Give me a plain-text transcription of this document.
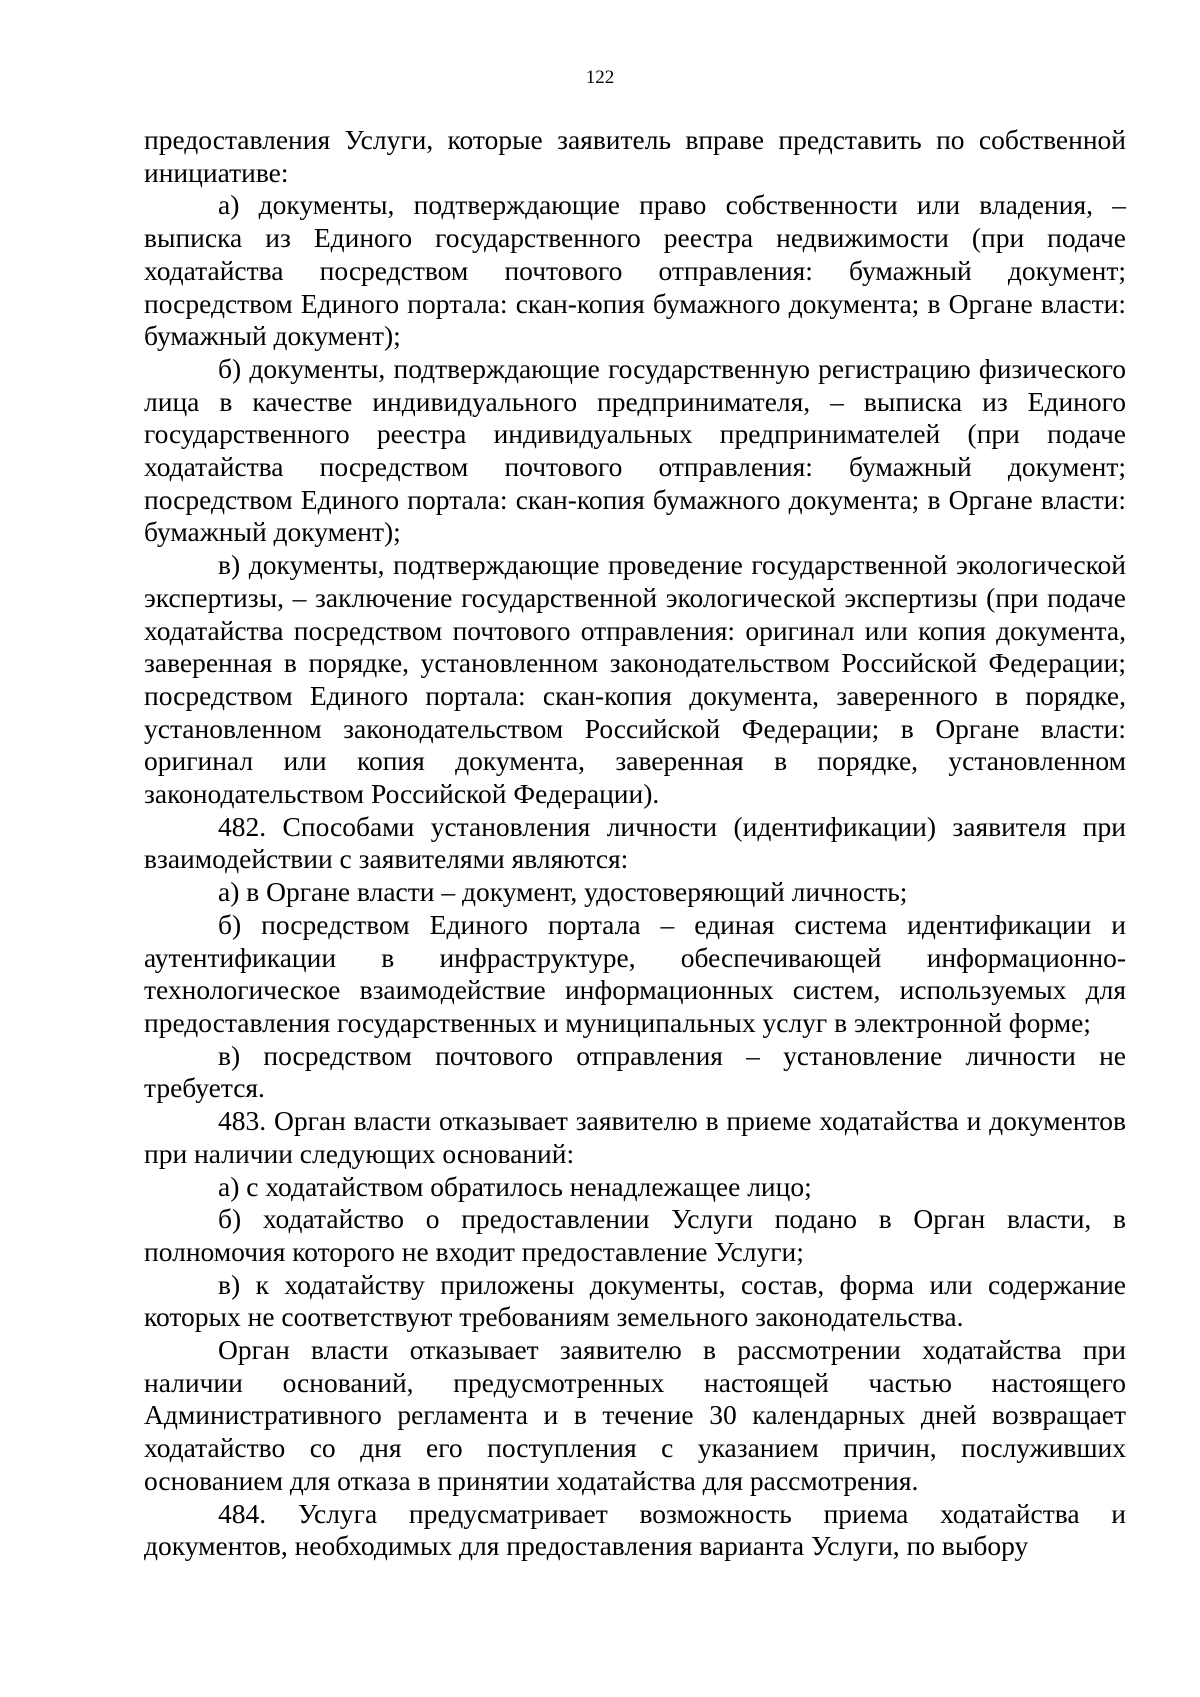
122

предоставления Услуги, которые заявитель вправе представить по собственной инициативе:

а) документы, подтверждающие право собственности или владения, – выписка из Единого государственного реестра недвижимости (при подаче ходатайства посредством почтового отправления: бумажный документ; посредством Единого портала: скан-копия бумажного документа; в Органе власти: бумажный документ);

б) документы, подтверждающие государственную регистрацию физического лица в качестве индивидуального предпринимателя, – выписка из Единого государственного реестра индивидуальных предпринимателей (при подаче ходатайства посредством почтового отправления: бумажный документ; посредством Единого портала: скан-копия бумажного документа; в Органе власти: бумажный документ);

в) документы, подтверждающие проведение государственной экологической экспертизы, – заключение государственной экологической экспертизы (при подаче ходатайства посредством почтового отправления: оригинал или копия документа, заверенная в порядке, установленном законодательством Российской Федерации; посредством Единого портала: скан-копия документа, заверенного в порядке, установленном законодательством Российской Федерации; в Органе власти: оригинал или копия документа, заверенная в порядке, установленном законодательством Российской Федерации).

482. Способами установления личности (идентификации) заявителя при взаимодействии с заявителями являются:

а) в Органе власти – документ, удостоверяющий личность;

б) посредством Единого портала – единая система идентификации и аутентификации в инфраструктуре, обеспечивающей информационно-технологическое взаимодействие информационных систем, используемых для предоставления государственных и муниципальных услуг в электронной форме;

в) посредством почтового отправления – установление личности не требуется.

483. Орган власти отказывает заявителю в приеме ходатайства и документов при наличии следующих оснований:

а) с ходатайством обратилось ненадлежащее лицо;

б) ходатайство о предоставлении Услуги подано в Орган власти, в полномочия которого не входит предоставление Услуги;

в) к ходатайству приложены документы, состав, форма или содержание которых не соответствуют требованиям земельного законодательства.

Орган власти отказывает заявителю в рассмотрении ходатайства при наличии оснований, предусмотренных настоящей частью настоящего Административного регламента и в течение 30 календарных дней возвращает ходатайство со дня его поступления с указанием причин, послуживших основанием для отказа в принятии ходатайства для рассмотрения.

484. Услуга предусматривает возможность приема ходатайства и документов, необходимых для предоставления варианта Услуги, по выбору
